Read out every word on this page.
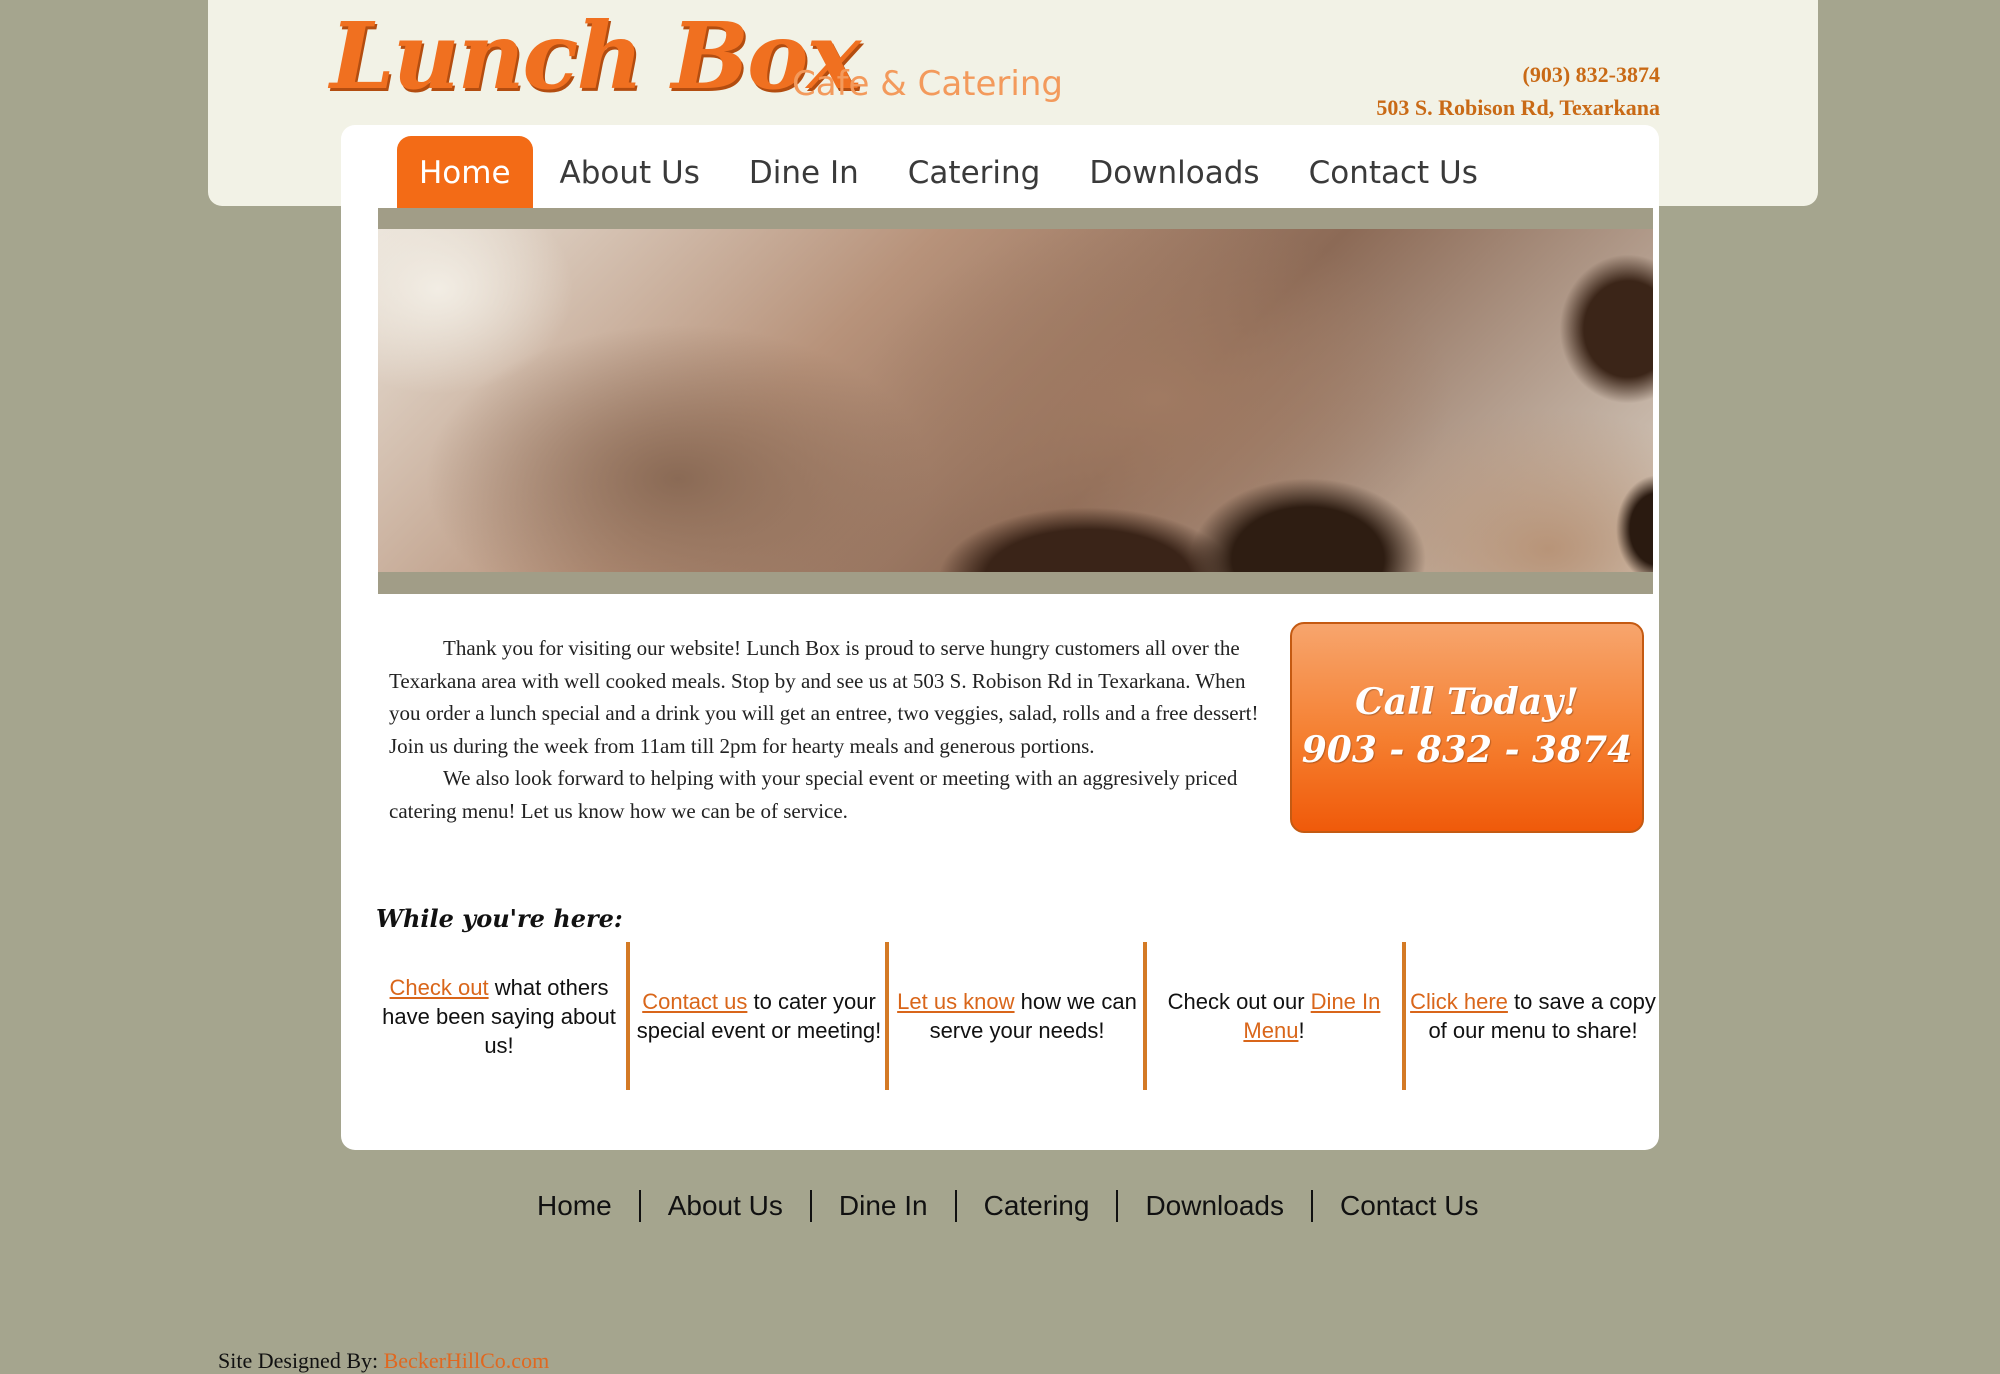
Lunch Box
Cafe & Catering	(903) 832-3874
503 S. Robison Rd, Texarkana
Home	About Us	Dine In	Catering	Downloads	Contact Us

Thank you for visiting our website! Lunch Box is proud to serve hungry customers all over the Texarkana area with well cooked meals. Stop by and see us at 503 S. Robison Rd in Texarkana. When you order a lunch special and a drink you will get an entree, two veggies, salad, rolls and a free dessert! Join us during the week from 11am till 2pm for hearty meals and generous portions.

We also look forward to helping with your special event or meeting with an aggresively priced catering menu! Let us know how we can be of service.

Call Today!
903 - 832 - 3874
While you're here:
Check out what others have been saying about us!
Contact us to cater your special event or meeting!
Let us know how we can serve your needs!
Check out our Dine In Menu!
Click here to save a copy of our menu to share!
Home	About Us	Dine In	Catering	Downloads	Contact Us
Site Designed By: BeckerHillCo.com
